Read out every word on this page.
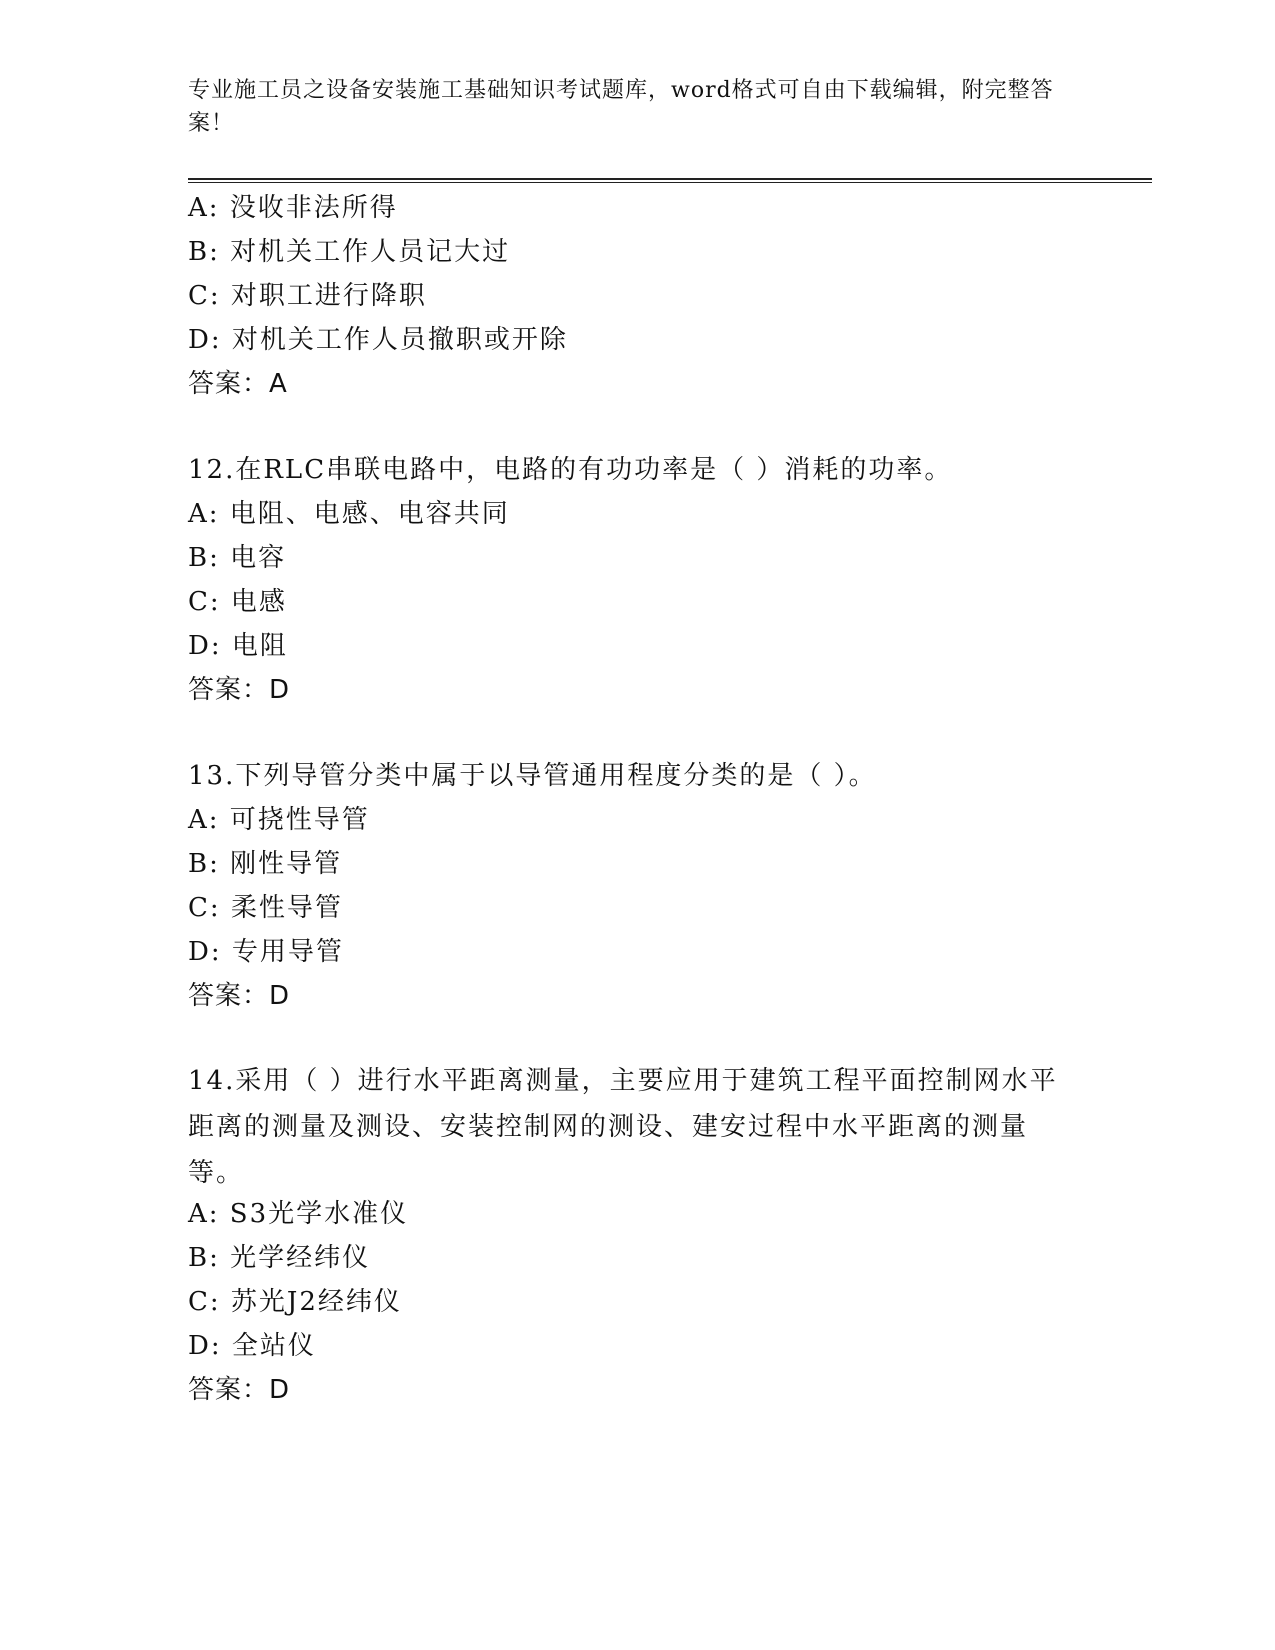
专业施工员之设备安装施工基础知识考试题库，word格式可自由下载编辑，附完整答案！
A: 没收非法所得
B: 对机关工作人员记大过
C: 对职工进行降职
D: 对机关工作人员撤职或开除
答案：A
12.在RLC串联电路中，电路的有功功率是（ ）消耗的功率。
A: 电阻、电感、电容共同
B: 电容
C: 电感
D: 电阻
答案：D
13.下列导管分类中属于以导管通用程度分类的是（ ）。
A: 可挠性导管
B: 刚性导管
C: 柔性导管
D: 专用导管
答案：D
14.采用（ ）进行水平距离测量，主要应用于建筑工程平面控制网水平距离的测量及测设、安装控制网的测设、建安过程中水平距离的测量等。
A: S3光学水准仪
B: 光学经纬仪
C: 苏光J2经纬仪
D: 全站仪
答案：D
